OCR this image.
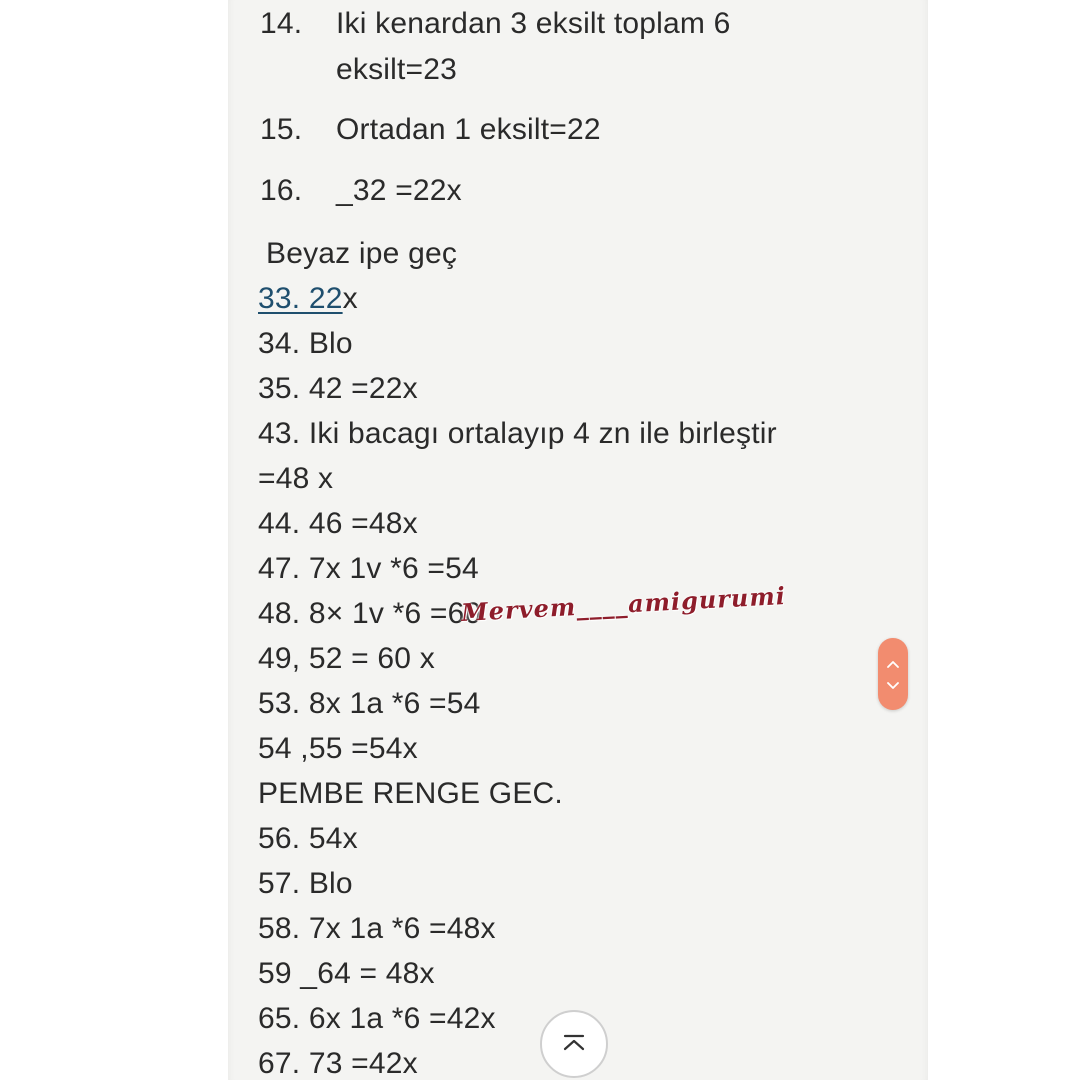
14. Iki kenardan 3 eksilt toplam 6
eksilt=23
15. Ortadan 1 eksilt=22
16. _32 =22x
Beyaz ipe geç
33. 22x
34. Blo
35. 42 =22x
43. Iki bacagı ortalayıp 4 zn ile birleştir
=48 x
44. 46 =48x
47. 7x 1v *6 =54
48. 8× 1v *6 =60
49, 52 = 60 x
53. 8x 1a *6 =54
54 ,55 =54x
PEMBE RENGE GEC.
56. 54x
57. Blo
58. 7x 1a *6 =48x
59 _64 = 48x
65. 6x 1a *6 =42x
67. 73 =42x
Mervem____amigurumi
